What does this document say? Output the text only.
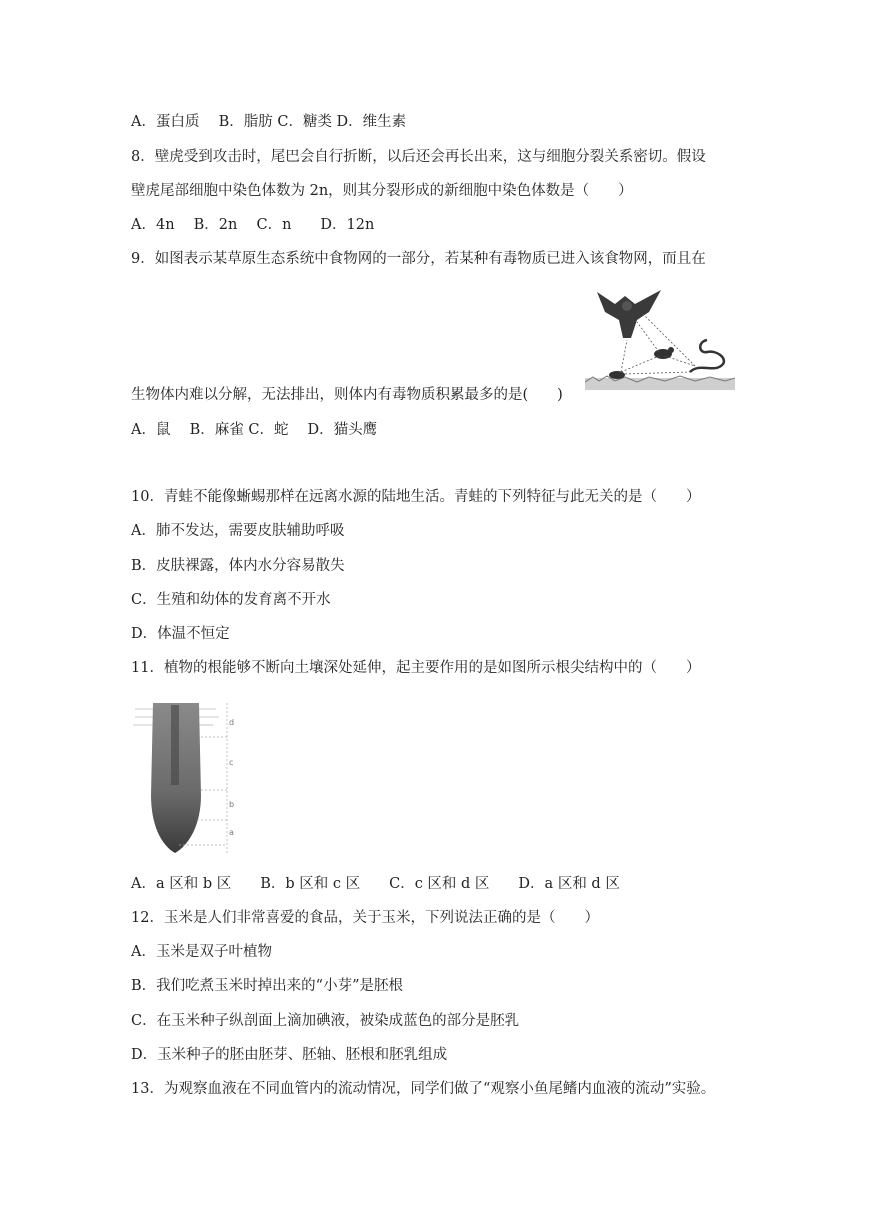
A．蛋白质　 B．脂肪 C．糖类 D．维生素
8．壁虎受到攻击时，尾巴会自行折断，以后还会再长出来，这与细胞分裂关系密切。假设
壁虎尾部细胞中染色体数为 2n，则其分裂形成的新细胞中染色体数是（　　）
A．4n　 B．2n　 C．n　　D．12n
9．如图表示某草原生态系统中食物网的一部分，若某种有毒物质已进入该食物网，而且在
生物体内难以分解，无法排出，则体内有毒物质积累最多的是(　　)
A．鼠　 B．麻雀 C．蛇　 D．猫头鹰
10．青蛙不能像蜥蜴那样在远离水源的陆地生活。青蛙的下列特征与此无关的是（　　）
A．肺不发达，需要皮肤辅助呼吸
B．皮肤裸露，体内水分容易散失
C．生殖和幼体的发育离不开水
D．体温不恒定
11．植物的根能够不断向土壤深处延伸，起主要作用的是如图所示根尖结构中的（　　）
d
c
b
a
A．a 区和 b 区　　B．b 区和 c 区　　C．c 区和 d 区　　D．a 区和 d 区
12．玉米是人们非常喜爱的食品，关于玉米，下列说法正确的是（　　）
A．玉米是双子叶植物
B．我们吃煮玉米时掉出来的“小芽”是胚根
C．在玉米种子纵剖面上滴加碘液，被染成蓝色的部分是胚乳
D．玉米种子的胚由胚芽、胚轴、胚根和胚乳组成
13．为观察血液在不同血管内的流动情况，同学们做了“观察小鱼尾鳍内血液的流动”实验。
